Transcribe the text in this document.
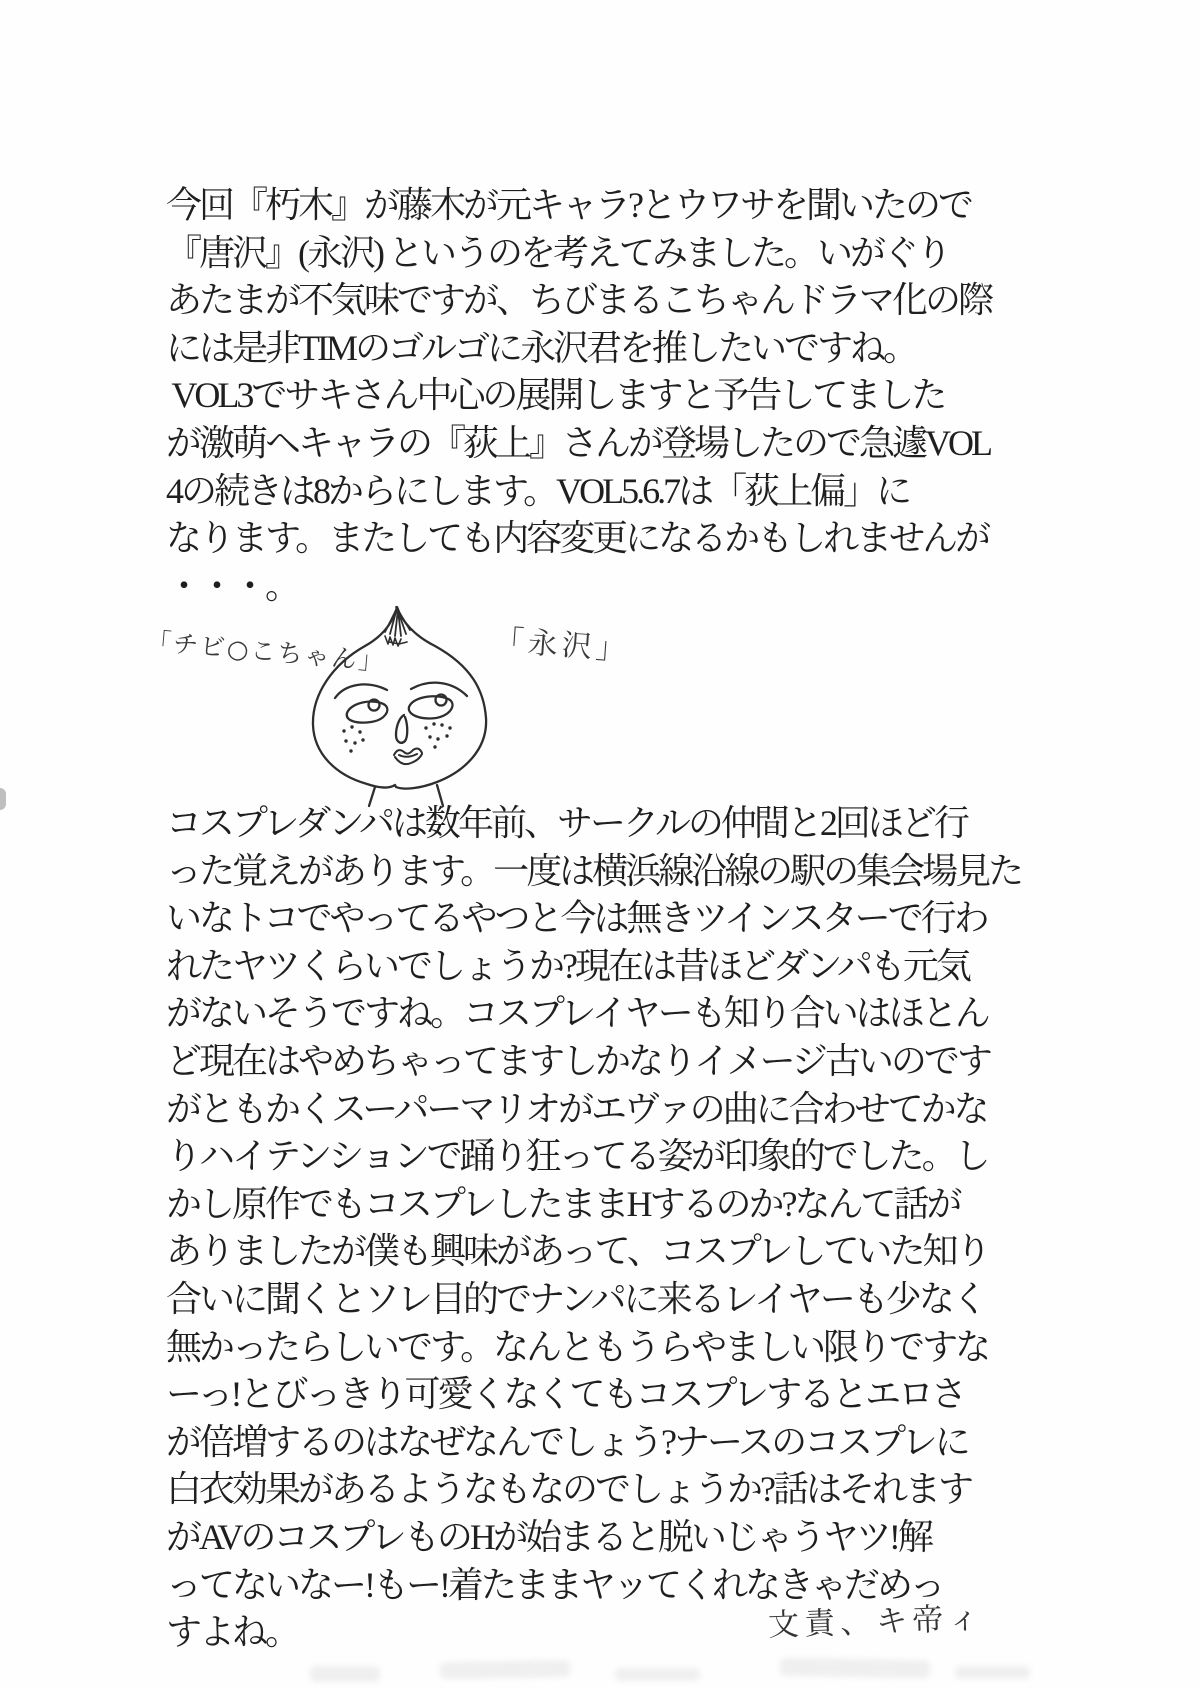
今回『朽木』が藤木が元キャラ?とウワサを聞いたので
『唐沢』(永沢) というのを考えてみました。いがぐり
あたまが不気味ですが、ちびまるこちゃんドラマ化の際
には是非TIMのゴルゴに永沢君を推したいですね。
VOL3でサキさん中心の展開しますと予告してました
が激萌ヘキャラの『荻上』さんが登場したので急遽VOL
4の続きは8からにします。VOL5.6.7は「荻上偏」に
なります。またしても内容変更になるかもしれませんが
・・・。
「チビ○こちゃん」	「永沢」
コスプレダンパは数年前、サークルの仲間と2回ほど行
った覚えがあります。一度は横浜線沿線の駅の集会場見た
いなトコでやってるやつと今は無きツインスターで行わ
れたヤツくらいでしょうか?現在は昔ほどダンパも元気
がないそうですね。コスプレイヤーも知り合いはほとん
ど現在はやめちゃってますしかなりイメージ古いのです
がともかくスーパーマリオがエヴァの曲に合わせてかな
りハイテンションで踊り狂ってる姿が印象的でした。し
かし原作でもコスプレしたままHするのか?なんて話が
ありましたが僕も興味があって、コスプレしていた知り
合いに聞くとソレ目的でナンパに来るレイヤーも少なく
無かったらしいです。なんともうらやましい限りですな
ーっ!とびっきり可愛くなくてもコスプレするとエロさ
が倍増するのはなぜなんでしょう?ナースのコスプレに
白衣効果があるようなもなのでしょうか?話はそれます
がAVのコスプレものHが始まると脱いじゃうヤツ!解
ってないなー!もー!着たままヤッてくれなきゃだめっ
すよね。	文責、キ帝ィ
